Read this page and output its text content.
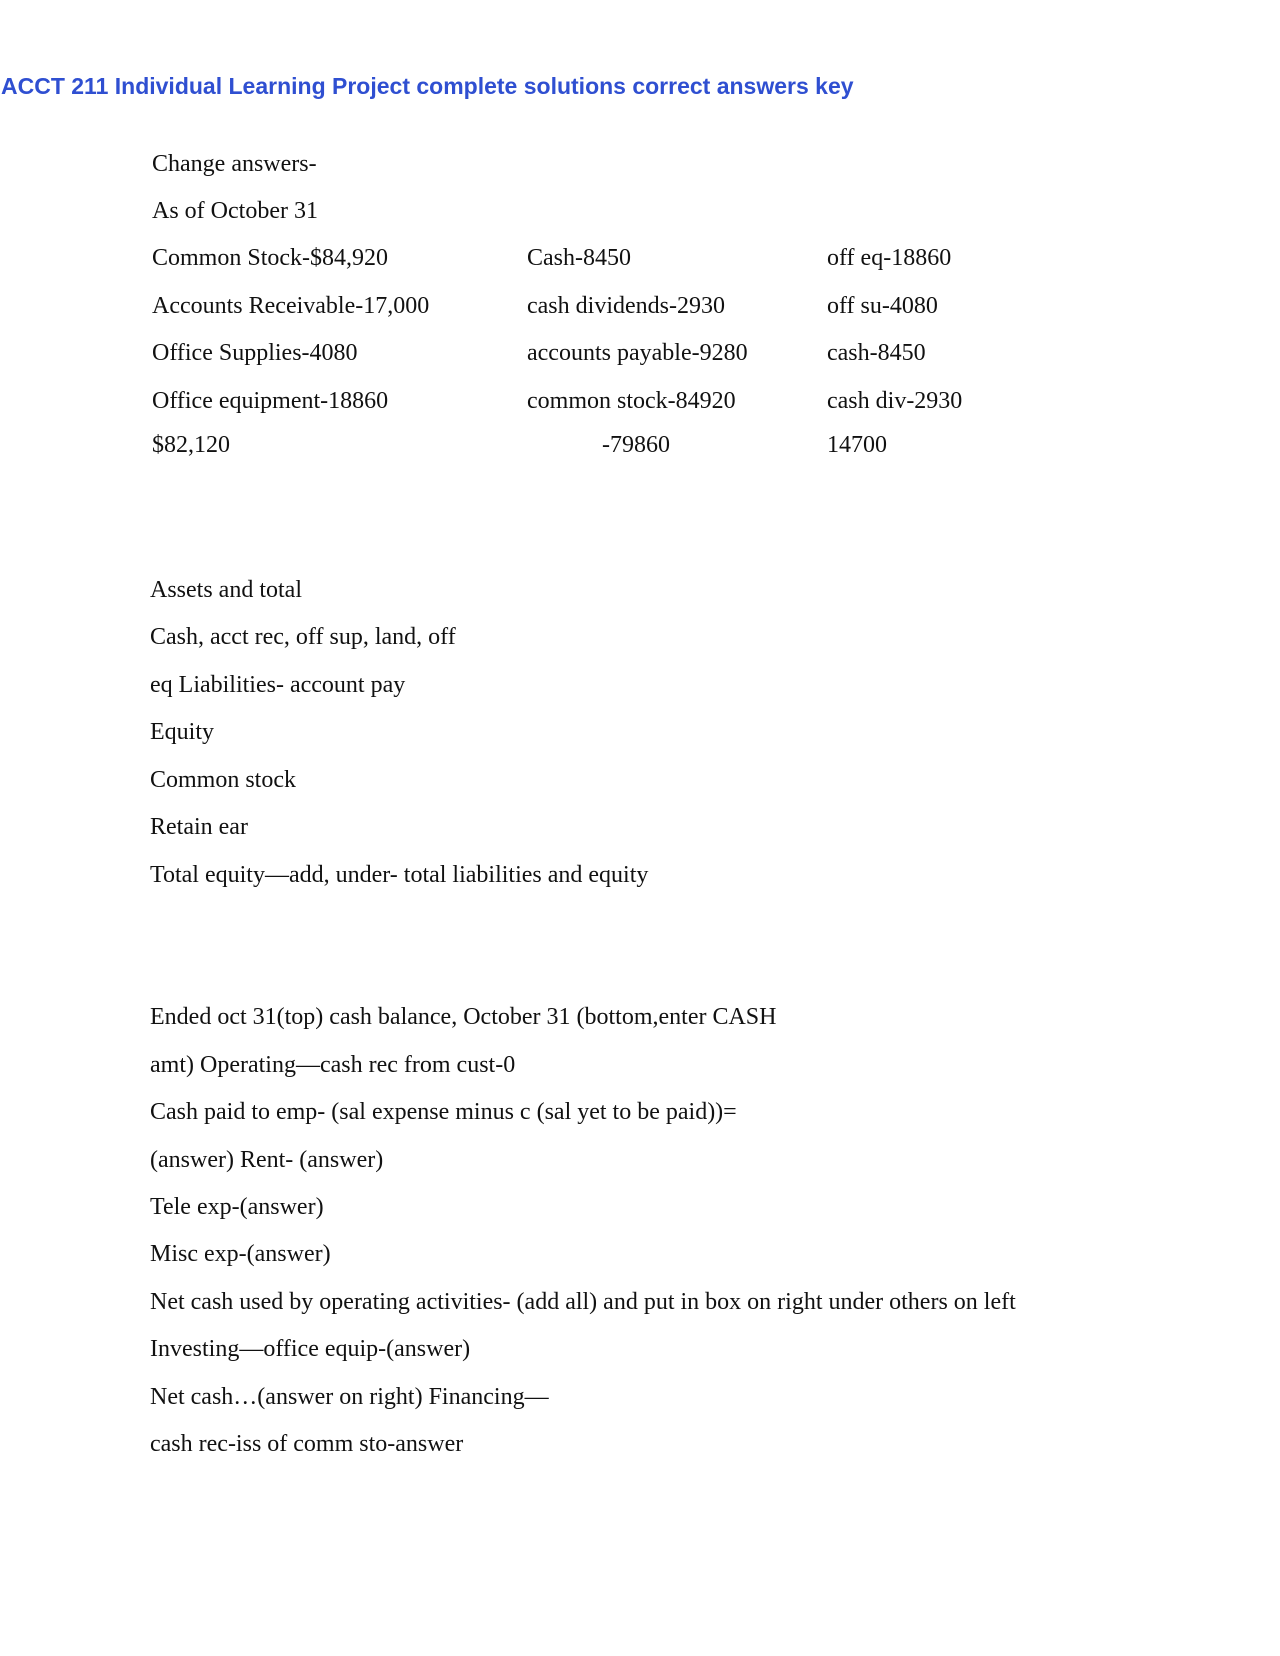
ACCT 211 Individual Learning Project complete solutions correct answers key
Change answers-
As of October 31
Common Stock-$84,920	Cash-8450	off eq-18860
Accounts Receivable-17,000	cash dividends-2930	off su-4080
Office Supplies-4080	accounts payable-9280	cash-8450
Office equipment-18860	common stock-84920	cash div-2930
$82,120	-79860	14700
Assets and total
Cash, acct rec, off sup, land, off
eq Liabilities- account pay
Equity
Common stock
Retain ear
Total equity—add, under- total liabilities and equity
Ended oct 31(top) cash balance, October 31 (bottom,enter CASH
amt) Operating—cash rec from cust-0
Cash paid to emp- (sal expense minus c (sal yet to be paid))=
(answer) Rent- (answer)
Tele exp-(answer)
Misc exp-(answer)
Net cash used by operating activities- (add all) and put in box on right under others on left
Investing—office equip-(answer)
Net cash…(answer on right) Financing—
cash rec-iss of comm sto-answer
